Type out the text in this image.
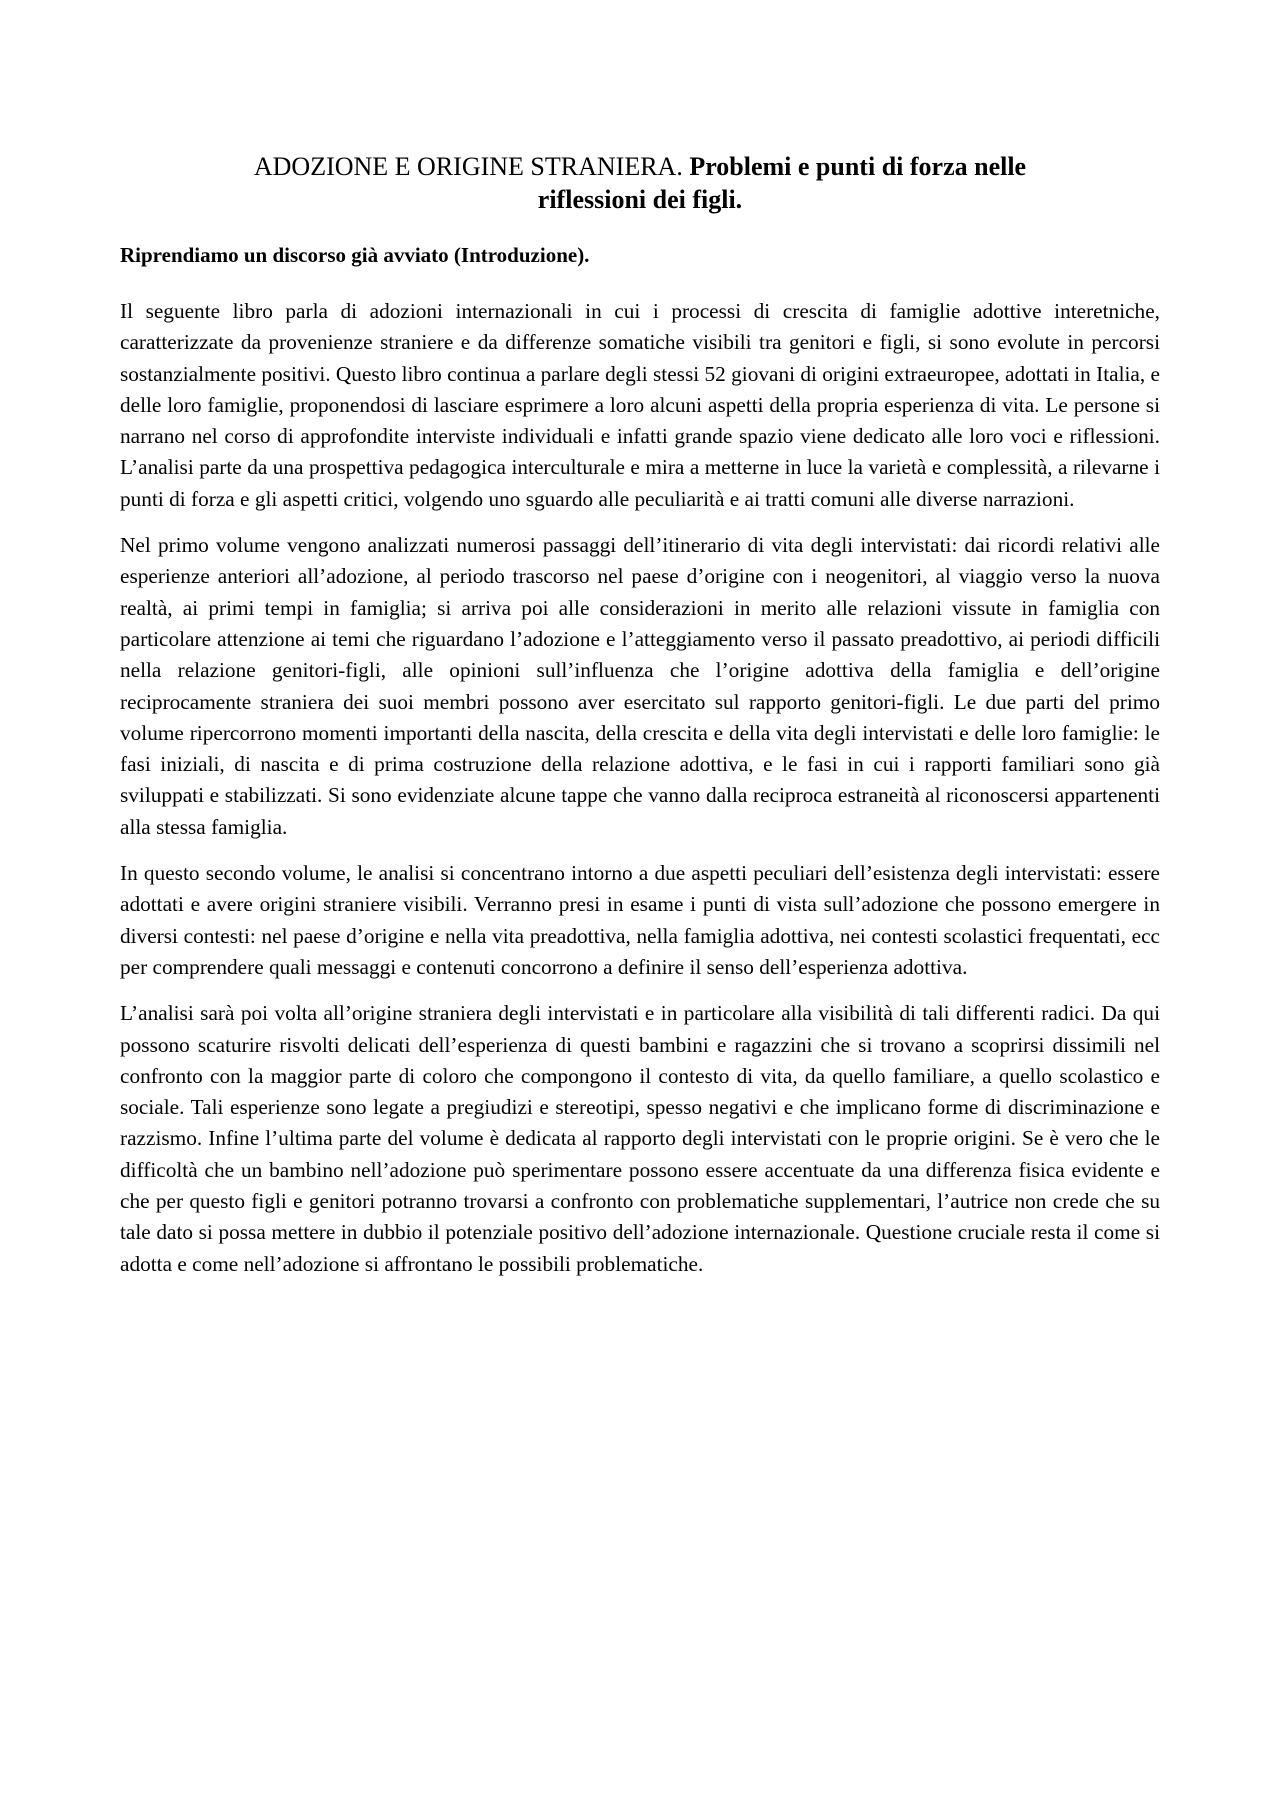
ADOZIONE E ORIGINE STRANIERA. Problemi e punti di forza nelle
riflessioni dei figli.
Riprendiamo un discorso già avviato (Introduzione).

Il seguente libro parla di adozioni internazionali in cui i processi di crescita di famiglie adottive interetniche, caratterizzate da provenienze straniere e da differenze somatiche visibili tra genitori e figli, si sono evolute in percorsi sostanzialmente positivi. Questo libro continua a parlare degli stessi 52 giovani di origini extraeuropee, adottati in Italia, e delle loro famiglie, proponendosi di lasciare esprimere a loro alcuni aspetti della propria esperienza di vita. Le persone si narrano nel corso di approfondite interviste individuali e infatti grande spazio viene dedicato alle loro voci e riflessioni. L’analisi parte da una prospettiva pedagogica interculturale e mira a metterne in luce la varietà e complessità, a rilevarne i punti di forza e gli aspetti critici, volgendo uno sguardo alle peculiarità e ai tratti comuni alle diverse narrazioni.

Nel primo volume vengono analizzati numerosi passaggi dell’itinerario di vita degli intervistati: dai ricordi relativi alle esperienze anteriori all’adozione, al periodo trascorso nel paese d’origine con i neogenitori, al viaggio verso la nuova realtà, ai primi tempi in famiglia; si arriva poi alle considerazioni in merito alle relazioni vissute in famiglia con particolare attenzione ai temi che riguardano l’adozione e l’atteggiamento verso il passato preadottivo, ai periodi difficili nella relazione genitori-figli, alle opinioni sull’influenza che l’origine adottiva della famiglia e dell’origine reciprocamente straniera dei suoi membri possono aver esercitato sul rapporto genitori-figli. Le due parti del primo volume ripercorrono momenti importanti della nascita, della crescita e della vita degli intervistati e delle loro famiglie: le fasi iniziali, di nascita e di prima costruzione della relazione adottiva, e le fasi in cui i rapporti familiari sono già sviluppati e stabilizzati. Si sono evidenziate alcune tappe che vanno dalla reciproca estraneità al riconoscersi appartenenti alla stessa famiglia.

In questo secondo volume, le analisi si concentrano intorno a due aspetti peculiari dell’esistenza degli intervistati: essere adottati e avere origini straniere visibili. Verranno presi in esame i punti di vista sull’adozione che possono emergere in diversi contesti: nel paese d’origine e nella vita preadottiva, nella famiglia adottiva, nei contesti scolastici frequentati, ecc per comprendere quali messaggi e contenuti concorrono a definire il senso dell’esperienza adottiva.

L’analisi sarà poi volta all’origine straniera degli intervistati e in particolare alla visibilità di tali differenti radici. Da qui possono scaturire risvolti delicati dell’esperienza di questi bambini e ragazzini che si trovano a scoprirsi dissimili nel confronto con la maggior parte di coloro che compongono il contesto di vita, da quello familiare, a quello scolastico e sociale. Tali esperienze sono legate a pregiudizi e stereotipi, spesso negativi e che implicano forme di discriminazione e razzismo. Infine l’ultima parte del volume è dedicata al rapporto degli intervistati con le proprie origini. Se è vero che le difficoltà che un bambino nell’adozione può sperimentare possono essere accentuate da una differenza fisica evidente e che per questo figli e genitori potranno trovarsi a confronto con problematiche supplementari, l’autrice non crede che su tale dato si possa mettere in dubbio il potenziale positivo dell’adozione internazionale. Questione cruciale resta il come si adotta e come nell’adozione si affrontano le possibili problematiche.
